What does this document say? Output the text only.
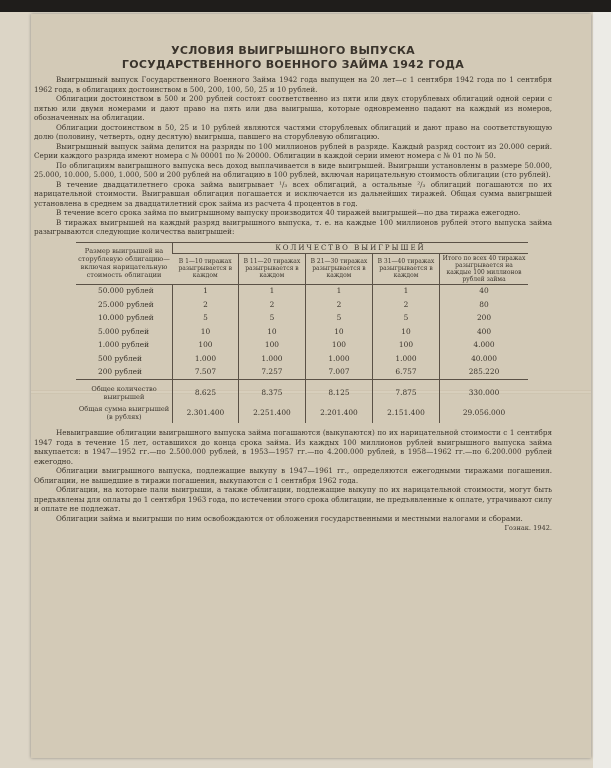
УСЛОВИЯ ВЫИГРЫШНОГО ВЫПУСКА
ГОСУДАРСТВЕННОГО ВОЕННОГО ЗАЙМА 1942 ГОДА

Выигрышный выпуск Государственного Военного Займа 1942 года выпущен на 20 лет—с 1 сентября 1942 года по 1 сентября 1962 года, в облигациях достоинством в 500, 200, 100, 50, 25 и 10 рублей.

Облигации достоинством в 500 и 200 рублей состоят соответственно из пяти или двух сторублевых облигаций одной серии с пятью или двумя номерами и дают право на пять или два выигрыша, которые одновременно падают на каждый из номеров, обозначенных на облигации.

Облигации достоинством в 50, 25 и 10 рублей являются частями сторублевых облигаций и дают право на соответствующую долю (половину, четверть, одну десятую) выигрыша, павшего на сторублевую облигацию.

Выигрышный выпуск займа делится на разряды по 100 миллионов рублей в разряде. Каждый разряд состоит из 20.000 серий. Серии каждого разряда имеют номера с № 00001 по № 20000. Облигации в каждой серии имеют номера с № 01 по № 50.

По облигациям выигрышного выпуска весь доход выплачивается в виде выигрышей. Выигрыши установлены в размере 50.000, 25.000, 10.000, 5.000, 1.000, 500 и 200 рублей на облигацию в 100 рублей, включая нарицательную стоимость облигации (сто рублей).

В течение двадцатилетнего срока займа выигрывает ¹/₃ всех облигаций, а остальные ²/₃ облигаций погашаются по их нарицательной стоимости. Выигравшая облигация погашается и исключается из дальнейших тиражей. Общая сумма выигрышей установлена в среднем за двадцатилетний срок займа из расчета 4 процентов в год.

В течение всего срока займа по выигрышному выпуску производится 40 тиражей выигрышей—по два тиража ежегодно.

В тиражах выигрышей на каждый разряд выигрышного выпуска, т. е. на каждые 100 миллионов рублей этого выпуска займа разыгрываются следующие количества выигрышей:

Размер выигрышей на сторублевую облигацию—включая нарицательную стоимость облигации	КОЛИЧЕСТВО ВЫИГРЫШЕЙ				
	В 1—10 тиражах разыгрывается в каждом	В 11—20 тиражах разыгрывается в каждом	В 21—30 тиражах разыгрывается в каждом	В 31—40 тиражах разыгрывается в каждом	Итого по всех 40 тиражах разыгрывается на каждые 100 миллионов рублей займа
50.000 рублей	1	1	1	1	40
25.000 рублей	2	2	2	2	80
10.000 рублей	5	5	5	5	200
5.000 рублей	10	10	10	10	400
1.000 рублей	100	100	100	100	4.000
500 рублей	1.000	1.000	1.000	1.000	40.000
200 рублей	7.507	7.257	7.007	6.757	285.220
Общее количество выигрышей	8.625	8.375	8.125	7.875	330.000
Общая сумма выигрышей (в рублях)	2.301.400	2.251.400	2.201.400	2.151.400	29.056.000

Невыигравшие облигации выигрышного выпуска займа погашаются (выкупаются) по их нарицательной стоимости с 1 сентября 1947 года в течение 15 лет, оставшихся до конца срока займа. Из каждых 100 миллионов рублей выигрышного выпуска займа выкупается: в 1947—1952 гг.—по 2.500.000 рублей, в 1953—1957 гг.—по 4.200.000 рублей, в 1958—1962 гг.—по 6.200.000 рублей ежегодно.

Облигации выигрышного выпуска, подлежащие выкупу в 1947—1961 гг., определяются ежегодными тиражами погашения. Облигации, не вышедшие в тиражи погашения, выкупаются с 1 сентября 1962 года.

Облигации, на которые пали выигрыши, а также облигации, подлежащие выкупу по их нарицательной стоимости, могут быть предъявлены для оплаты до 1 сентября 1963 года, по истечении этого срока облигации, не предъявленные к оплате, утрачивают силу и оплате не подлежат.

Облигации займа и выигрыши по ним освобождаются от обложения государственными и местными налогами и сборами.

Гознак. 1942.
